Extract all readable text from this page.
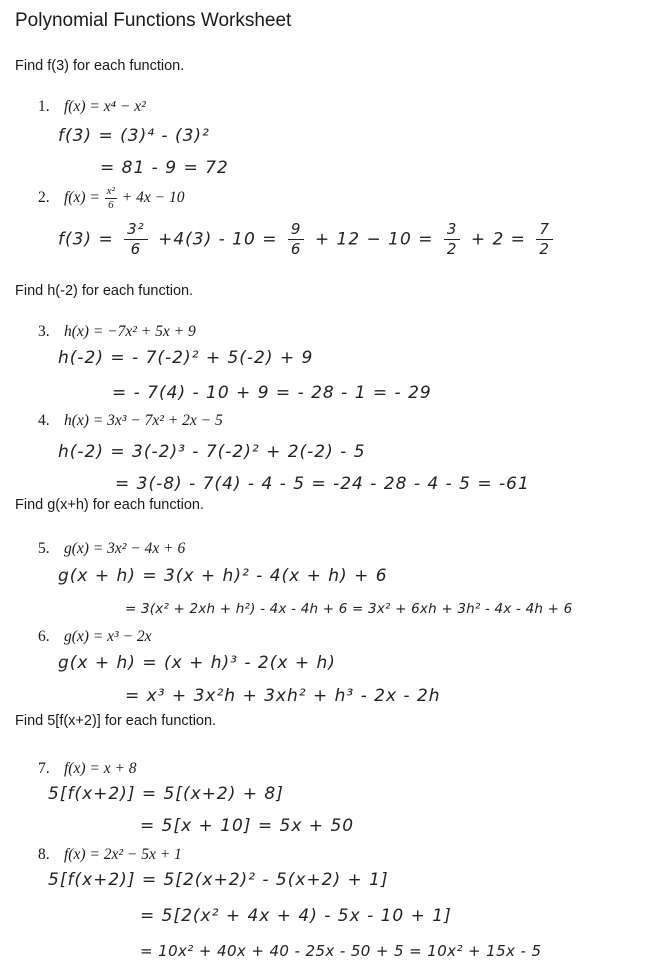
Polynomial Functions Worksheet
Find f(3) for each function.
1. f(x) = x⁴ − x²
f(3) = (3)⁴ - (3)²
= 81 - 9 = 72
2. $f(x) = \frac{\text{x²}}{6} + 4x - 10$
$f(3) = \frac{\text{3²}}{6} +4(3) - 10 = \frac{9}{6} + 12 - 10 = \frac{3}{2} + 2 = \frac{7}{2}$
Find h(-2) for each function.
3. h(x) = −7x² + 5x + 9
h(-2) = - 7(-2)² + 5(-2) + 9
= - 7(4) - 10 + 9 = - 28 - 1 = - 29
4. h(x) = 3x³ − 7x² + 2x − 5
h(-2) = 3(-2)³ - 7(-2)² + 2(-2) - 5
= 3(-8) - 7(4) - 4 - 5 = -24 - 28 - 4 - 5 = -61
Find g(x+h) for each function.
5. g(x) = 3x² − 4x + 6
g(x + h) = 3(x + h)² - 4(x + h) + 6
= 3(x² + 2xh + h²) - 4x - 4h + 6 = 3x² + 6xh + 3h² - 4x - 4h + 6
6. g(x) = x³ − 2x
g(x + h) = (x + h)³ - 2(x + h)
= x³ + 3x²h + 3xh² + h³ - 2x - 2h
Find 5[f(x+2)] for each function.
7. f(x) = x + 8
5[f(x+2)] = 5[(x+2) + 8]
= 5[x + 10] = 5x + 50
8. f(x) = 2x² − 5x + 1
5[f(x+2)] = 5[2(x+2)² - 5(x+2) + 1]
= 5[2(x² + 4x + 4) - 5x - 10 + 1]
= 10x² + 40x + 40 - 25x - 50 + 5 = 10x² + 15x - 5
